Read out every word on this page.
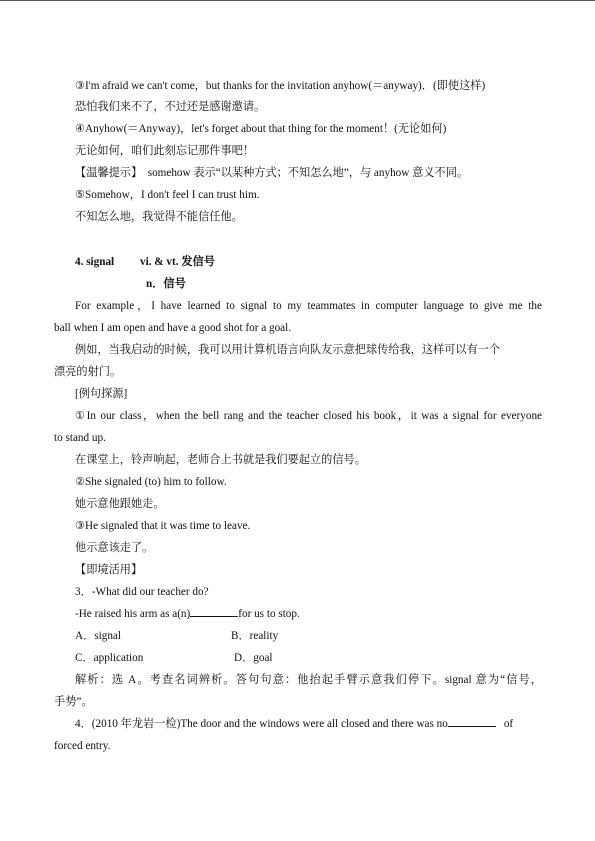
③I'm afraid we can't come，but thanks for the invitation anyhow(＝anyway)．(即使这样)
恐怕我们来不了，不过还是感谢邀请。
④Anyhow(＝Anyway)，let's forget about that thing for the moment！(无论如何)
无论如何，咱们此刻忘记那件事吧！
【温馨提示】　somehow 表示“以某种方式；不知怎么地”，与 anyhow 意义不同。
⑤Somehow，I don't feel I can trust him.
不知怎么地，我觉得不能信任他。
4. signal vi. & vt. 发信号
n．信号
For example，I have learned to signal to my teammates in computer language to give me the
ball when I am open and have a good shot for a goal.
例如，当我启动的时候，我可以用计算机语言向队友示意把球传给我，这样可以有一个
漂亮的射门。
[例句探源]
①In our class，when the bell rang and the teacher closed his book，it was a signal for everyone
to stand up.
在课堂上，铃声响起，老师合上书就是我们要起立的信号。
②She signaled (to) him to follow.
她示意他跟她走。
③He signaled that it was time to leave.
他示意该走了。
【即境活用】
3．-What did our teacher do?
-He raised his arm as a(n)	for us to stop.
A．signal	B．reality
C．application	D．goal
解析：选 A。考查名词辨析。答句句意：他抬起手臂示意我们停下。signal 意为“信号，
手势”。
4．(2010 年龙岩一检)The door and the windows were all closed and there was no	of
forced entry.
